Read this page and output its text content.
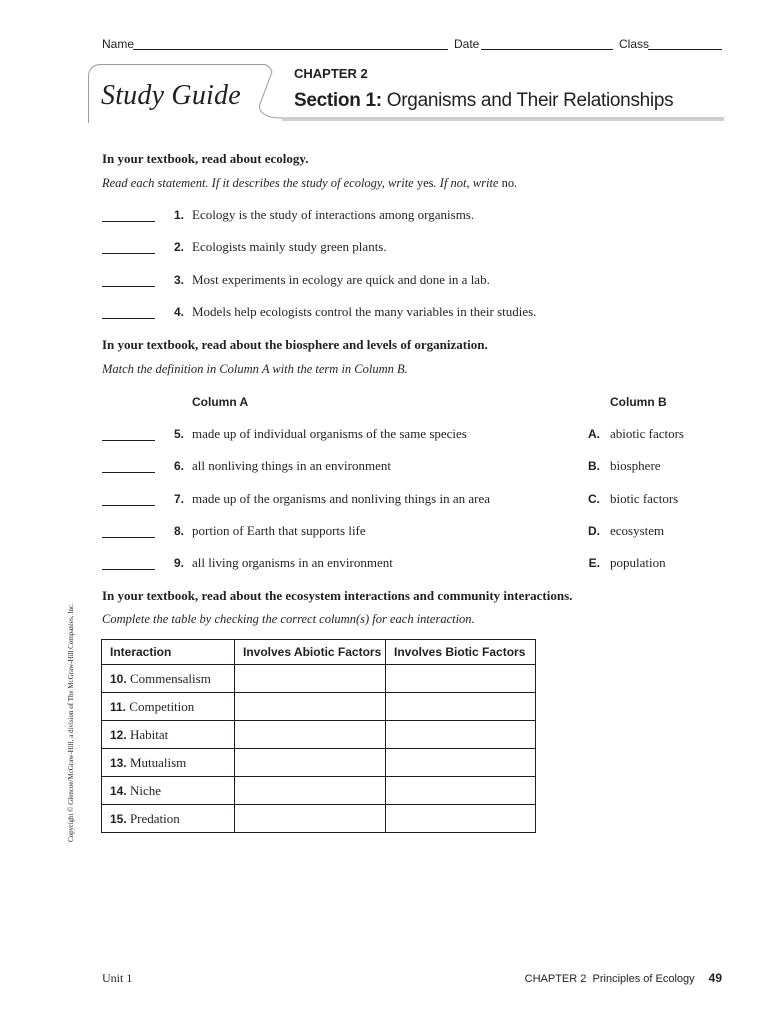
Name	Date	Class
Study Guide
CHAPTER 2
Section 1: Organisms and Their Relationships
In your textbook, read about ecology.
Read each statement. If it describes the study of ecology, write yes. If not, write no.
1. Ecology is the study of interactions among organisms.
2. Ecologists mainly study green plants.
3. Most experiments in ecology are quick and done in a lab.
4. Models help ecologists control the many variables in their studies.
In your textbook, read about the biosphere and levels of organization.
Match the definition in Column A with the term in Column B.
Column A	Column B
5. made up of individual organisms of the same species	A. abiotic factors
6. all nonliving things in an environment	B. biosphere
7. made up of the organisms and nonliving things in an area	C. biotic factors
8. portion of Earth that supports life	D. ecosystem
9. all living organisms in an environment	E. population
In your textbook, read about the ecosystem interactions and community interactions.
Complete the table by checking the correct column(s) for each interaction.
Interaction	Involves Abiotic Factors	Involves Biotic Factors
10. Commensalism		
11. Competition		
12. Habitat		
13. Mutualism		
14. Niche		
15. Predation		
Copyright © Glencoe/McGraw-Hill, a division of The McGraw-Hill Companies, Inc.
Unit 1	CHAPTER 2 Principles of Ecology 49
